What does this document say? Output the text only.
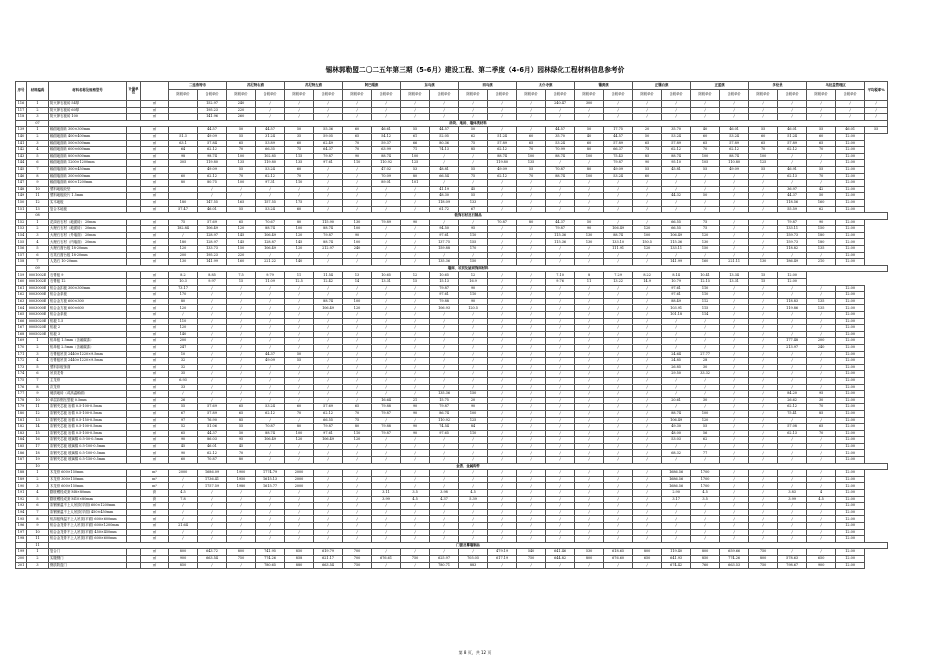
锡林郭勒盟二〇二五年第三期（5-6月）建设工程、第二季度（4-6月）园林绿化工程材料信息参考价
序号	材料编码	材料名称及规格型号	计量单位		二连浩特市		苏尼特右旗		苏尼特左旗		阿巴嘎旗		东乌旗		西乌旗		太仆寺旗		镶黄旗		正镶白旗		正蓝旗		多伦县		乌拉盖管理区		平均税率%	
					除税单价	含税单价	除税单价	含税单价	除税单价	含税单价	除税单价	含税单价	除税单价	含税单价	除税单价	含税单价	除税单价	含税单价	除税单价	含税单价	除税单价	含税单价	除税单价	含税单价	除税单价	含税单价	除税单价	含税单价		
116	1	防火卵石板砖 54厚		㎡		152.97	240	/	/	/	/	/	/	/	/	/	/	240.47	300	/	/	/	/	/	/	/	/	/	/			
117	2	防火卵石板砖 60厚		㎡		195.23	220	/	/	/	/	/	/	/	/	/	/	/	/	/	/	/	/	/	/	/	/	/	/			
118	3	防火卵石板砖 100		㎡		141.96	260	/	/	/	/	/	/	/	/	/	/	/	/	/	/	/	/	/	/	/	/	/	/			
	07	砖块、地砖、墙体类材料																												
139	1	釉面地面砖 300×300mm		㎡		44.57	50	44.57	50	55.36	60	46.61	55	44.57	50	/	/	44.57	50	17.75	20	35.70	40	46.01	55	46.01	55	46.01	55	
140	2	釉面地面砖 400×400mm		㎡	51.3	49.09	55	31.24	35	59.05	65	54.12	61	52.05	62	51.24	60	35.70	40	44.57	50	53.24	60	53.24	60	51.24	60	12.00		
141	3	釉面地面砖 500×500mm		㎡	63.1	57.84	65	53.89	60	62.49	70	59.37	66	80.36	75	57.89	65	53.24	60	57.89	65	57.89	65	57.89	65	57.89	65	12.00		
142	4	釉面地面砖 600×600mm		㎡	64	62.12	70	66.35	75	64.37	70	63.99	71	74.13	85	62.12	70	70.99	80	66.37	75	62.12	70	62.12	70	62.12	70	12.00		
143	5	釉面地面砖 800×800mm		㎡	98	98.74	100	102.85	115	79.87	90	88.74	100	/	/	88.74	100	88.74	100	75.43	85	88.74	100	88.74	100	/	/	12.00		
144	6	釉面地面砖 1200×1200mm		㎡	305	119.80	135	119.80	135	97.61	110	110.92	125	/	/	119.80	135	/	/	79.87	90	95.10	105	110.80	125	/	/	12.00		
145	7	釉面墙面砖 300×450mm		㎡		49.09	55	53.24	60	/	/	47.02	53	48.81	55	49.09	55	70.87	80	49.09	55	45.81	55	49.09	55	46.91	55	12.00		
146	8	釉面墙面砖 300×600mm		㎡	60	62.12	70	62.12	70	/	/	70.09	80	66.54	75	62.12	70	88.74	100	53.24	60	/	/	/	/	62.13	70	12.00		
147	9	釉面墙面砖 600×1200mm		㎡	80	80.75	100	97.31	110	/	/	89.01	101	/	/	/	/	/	/	/	/	/	/	/	/	/	/	12.00		
148	10	塑料地板胶垫		㎡		/	/	/	/	/	/	/	/	41.19	45	/	/	/	/	/	/	/	/	/	/	36.97	42	12.00		
149	11	塑料地板胶片 1.5mm		㎡		/	/	/	/	/	/	/	/	48.30	55	/	/	/	/	/	/	44.32	50	/	/	44.37	50	12.00		
150	12	实木地板		㎡	180	147.55	165	157.55	175	/	/	/	/	118.09	133	/	/	/	/	/	/	/	/	/	/	118.56	160	12.00		
151	13	复合木地板		㎡	57.47	46.01	55	53.24	60	/	/	/	/	61.72	67	/	/	/	/	/	/	/	/	/	/	55.59	62	12.00		
	08	装饰石材及石制品																												
152	1	花岗岩石材（地面砖） 20mm		㎡	75	57.69	65	70.67	80	115.90	130	79.89	90	/	/	70.87	80	44.37	50	/	/	66.55	75	/	/	79.87	90	12.00		
153	2	大理石石材（地面砖） 20mm		㎡	182.84	106.49	120	88.74	100	88.74	100	/	/	94.50	95	/	/	79.87	90	106.49	120	66.55	75	/	/	133.11	150	12.00		
154	3	大理石石材（外墙面） 20mm		㎡	/	128.97	145	106.49	120	79.87	90	/	/	97.61	110	/	/	115.36	130	88.74	100	106.49	120	/	/	159.73	180	12.00		
155	4	大理石石材（内墙面） 20mm		㎡	180	128.97	145	128.87	145	88.74	100	/	/	137.75	155	/	/	115.36	130	133.10	150.5	115.36	130	/	/	159.73	180	12.00		
156	5	大理石窗台板 18-20mm		㎡	120	133.73	150	106.49	120	212.97	240	/	/	159.88	170	/	/	/	/	111.91	120	133.11	150	/	/	118.82	135	12.00		
157	6	石英石窗台板 18-20mm		㎡	200	195.23	220	/	/	/	/	/	/	/	/	/	/	/	/	/	/	/	/	/	/	/	/	12.00		
158	7	人造石 10-20mm		㎡	130	141.99	160	221.22	140	/	/	/	/	135.36	150	/	/	/	/	/	/	141.99	160	221.11	130	186.49	210	12.00		
	09	墙面、吊顶及屋面饰面材料																												
159	0001002E	石膏板 9		㎡	8.2	8.85	7.5	9.79	11	11.54	13	10.65	12	10.65	12	/	/	7.10	8	7.29	8.22	8.14	10.41	13.34	15	12.00				
160	0001002E	石膏板 12		㎡	10.3	9.97	15	11.09	12.5	12.42	14	13.31	15	15.13	16.9	/	/	9.76	11	13.22	14.9	10.79	12.15	13.31	15	12.00				
161	0003000E	铝合金扣板 300×300mm		㎡	73.17	/	/	/	/	/	/	/	/	79.87	90	/	/	/	/	/	/	97.61	110	/	/	/	/	12.00		
162	0003000E	铝合金条板		㎡	170	/	/	/	/	/	/	/	/	97.61	110	/	/	/	/	/	/	97.61	110	/	/	/	/	12.00		
163	0003000E	铝合金方板 600×300		㎡	80	/	/	/	/	88.74	100	/	/	79.88	90	/	/	/	/	/	/	88.49	112	/	/	118.83	135	12.00		
164	0003000E	铝合金方板 600×600		㎡	120	/	/	/	/	106.49	120	/	/	106.93	120.5	/	/	/	/	/	/	103.91	115	/	/	119.86	135	12.00		
165	0003000E	铝合金条板		㎡	/	/	/	/	/	/	/	/	/	/	/	/	/	/	/	/	/	101.18	114	/	/	/	/	12.00		
166	0005020E	铝板 1.5		㎡	110	/	/	/	/	/	/	/	/	/	/	/	/	/	/	/	/	/	/	/	/	/	/	12.00		
167	0005020E	铝板 2		㎡	120	/	/	/	/	/	/	/	/	/	/	/	/	/	/	/	/	/	/	/	/	/	/	12.00		
168	0005020E	铝板 3		㎡	140	/	/	/	/	/	/	/	/	/	/	/	/	/	/	/	/	/	/	/	/	/	/	12.00		
169	1	铝单板 1.5mm（含氟碳漆）		㎡	200	/	/	/	/	/	/	/	/	/	/	/	/	/	/	/	/	/	/	/	/	177.48	200	12.00		
170	2	铝单板 2.5mm（含氟碳漆）		㎡	247	/	/	/	/	/	/	/	/	/	/	/	/	/	/	/	/	/	/	/	/	213.97	240	12.00		
171	3	石膏板吊顶 2440×1220×9.5mm		㎡	10	/	/	44.37	50	/	/	/	/	/	/	/	/	/	/	/	/	24.64	27.77	/	/	/	/	12.00		
172	4	石膏板吊顶 2440×1220×9.5mm		㎡	32	/	/	49.09	55	/	/	/	/	/	/	/	/	/	/	/	/	24.85	28	/	/	/	/	12.00		
173	5	塑料扣板饰面		㎡	32	/	/	/	/	/	/	/	/	/	/	/	/	/	/	/	/	26.85	30	/	/	/	/	12.00		
174	6	吊顶龙骨		㎡	35	/	/	/	/	/	/	/	/	/	/	/	/	/	/	/	/	29.50	33.32	/	/	/	/	12.00		
175	7	主龙骨		㎡	6.93	/	/	/	/	/	/	/	/	/	/	/	/	/	/	/	/	/	/	/	/	/	/	12.00		
176	8	次龙骨		㎡	33	/	/	/	/	/	/	/	/	/	/	/	/	/	/	/	/	/	/	/	/	/	/	12.00		
177	9	硬质地砖（或高温釉面）		㎡	/	/	/	/	/	/	/	/	/	135.36	150	/	/	/	/	/	/	/	/	/	/	84.20	95	12.00		
178	10	单层彩钢压型板 0.5mm		㎡	26	/	/	/	/	/	/	16.64	21	15.75	20	/	/	/	/	/	/	20.61	30	/	/	26.62	30	12.00		
179	11	彩钢夹芯板 岩棉 0.5-100-0.5mm		㎡	55	57.69	65	53.24	60	57.69	65	79.88	90	79.87	90	/	/	/	/	/	/	/	/	/	/	62.12	70	12.00		
180	12	彩钢夹芯板 岩棉 0.5-100-0.5mm		㎡	67	57.89	65	62.12	70	62.12	70	79.87	90	86.74	100	/	/	/	/	/	/	88.74	100	/	/	75.41	85	12.00		
181	13	彩钢夹芯板 岩棉 0.5-150-0.5mm		㎡	97	76.90	85	/	/	66.55	75	/	/	110.92	125	/	/	/	/	/	/	106.49	120	/	/	/	/	12.00		
182	14	彩钢夹芯板 岩棉 0.5-100-0.5mm		㎡	52	51.06	55	70.87	80	79.87	80	79.88	90	74.54	84	/	/	/	/	/	/	49.30	55	/	/	57.08	65	12.00		
183	15	彩钢夹芯板 岩棉 0.5-100-0.5mm		㎡	65	44.37	50	88.74	100	97.61	110	79.87	90	97.65	110	/	/	/	/	/	/	48.00	56	/	/	62.13	70	12.00		
184	16	彩钢夹芯板 玻璃棉 0.5-50-0.5mm		㎡	90	86.03	95	106.49	120	106.49	120	/	/	/	/	/	/	/	/	/	/	53.03	62	/	/	/	/	12.00		
185	17	彩钢夹芯板 玻璃棉 0.5-100-0.5mm		㎡	45	46.01	45	/	/	/	/	/	/	/	/	/	/	/	/	/	/	/	/	/	/	/	/	12.00		
186	18	彩钢夹芯板 玻璃棉 0.5-100-0.5mm		㎡	90	62.12	70	/	/	/	/	/	/	/	/	/	/	/	/	/	/	68.32	77	/	/	/	/	12.00		
187	19	彩钢夹芯板 玻璃棉 0.5-150-0.5mm		㎡	60	70.87	80	/	/	/	/	/	/	/	/	/	/	/	/	/	/	/	/	/	/	/	/	12.00		
	10	金香、金属构件																												
188	1	木龙骨 600×150mm		m³	2000	1686.09	1900	1774.79	2000	/	/	/	/	/	/	/	/	/	/	/	/	1686.56	1700	/	/	/	/	12.00		
189	2	木龙骨 300×150mm		m³	/	1736.41	1950	1615.13	2000	/	/	/	/	/	/	/	/	/	/	/	/	1686.56	1700	/	/	/	/	12.00		
190	3	木龙骨 600×150mm		m³	/	1757.59	1980	1615.77	2000	/	/	/	/	/	/	/	/	/	/	/	/	1686.56	1700	/	/	/	/	12.00		
191	4	膨胀螺栓成套 M8×80mm		套	4.5	/	/	/	/	/	/	3.11	3.5	3.98	4.5	/	/	/	/	/	/	2.90	4.5	/	/	3.83	4	12.00		
192	5	膨胀螺栓成套 M10×80mm		套	7.8	/	/	/	/	/	/	3.99	4.5	4.37	5.39	/	/	/	/	/	/	3.17	3.5	/	/	3.99	4.5	12.00		
193	6	彩钢保温不上人吊顶(平面) 600×1200mm		㎡	/	/	/	/	/	/	/	/	/	/	/	/	/	/	/	/	/	/	/	/	/	/	/	12.00		
194	7	彩钢保温不上人吊顶(平面) 450×450mm		㎡	/	/	/	/	/	/	/	/	/	/	/	/	/	/	/	/	/	/	/	/	/	/	/	12.00		
195	8	铝扣板保温不上人吊顶(平面) 600×600mm		㎡	/	/	/	/	/	/	/	/	/	/	/	/	/	/	/	/	/	/	/	/	/	/	/	12.00		
196	9	铝合金龙骨不上人吊顶(平面) 600×1200mm		㎡	21.64	/	/	/	/	/	/	/	/	/	/	/	/	/	/	/	/	/	/	/	/	/	/	12.00		
197	10	铝合金龙骨不上人吊顶(平面) 450×450mm		㎡	/	/	/	/	/	/	/	/	/	/	/	/	/	/	/	/	/	/	/	/	/	/	/	12.00		
198	11	铝合金龙骨不上人吊顶(平面) 600×600mm		㎡	/	/	/	/	/	/	/	/	/	/	/	/	/	/	/	/	/	/	/	/	/	/	/	12.00		
	11	门窗及幕墙制品																												
199	1	复合门		㎡	800	643.72	800	741.95	850	619.79	700	/	/	/	/	479.19	540	641.46	530	618.65	800	119.40	800	659.66	750	/	/	12.00		
200	2	实腹钢门		㎡	900	663.54	750	774.26	858	621.17	700	676.61	750	625.97	705.05	617.19	750	644.82	800	676.60	650	641.93	850	774.26	800	578.63	650	12.00		
201	3	钢质防盗门		㎡	850	/	/	780.65	880	663.54	750	/	/	780.71	883	/	/	/	/	/	/	674.42	760	663.53	750	798.67	900	12.00		
第 8 页，共 12 页
